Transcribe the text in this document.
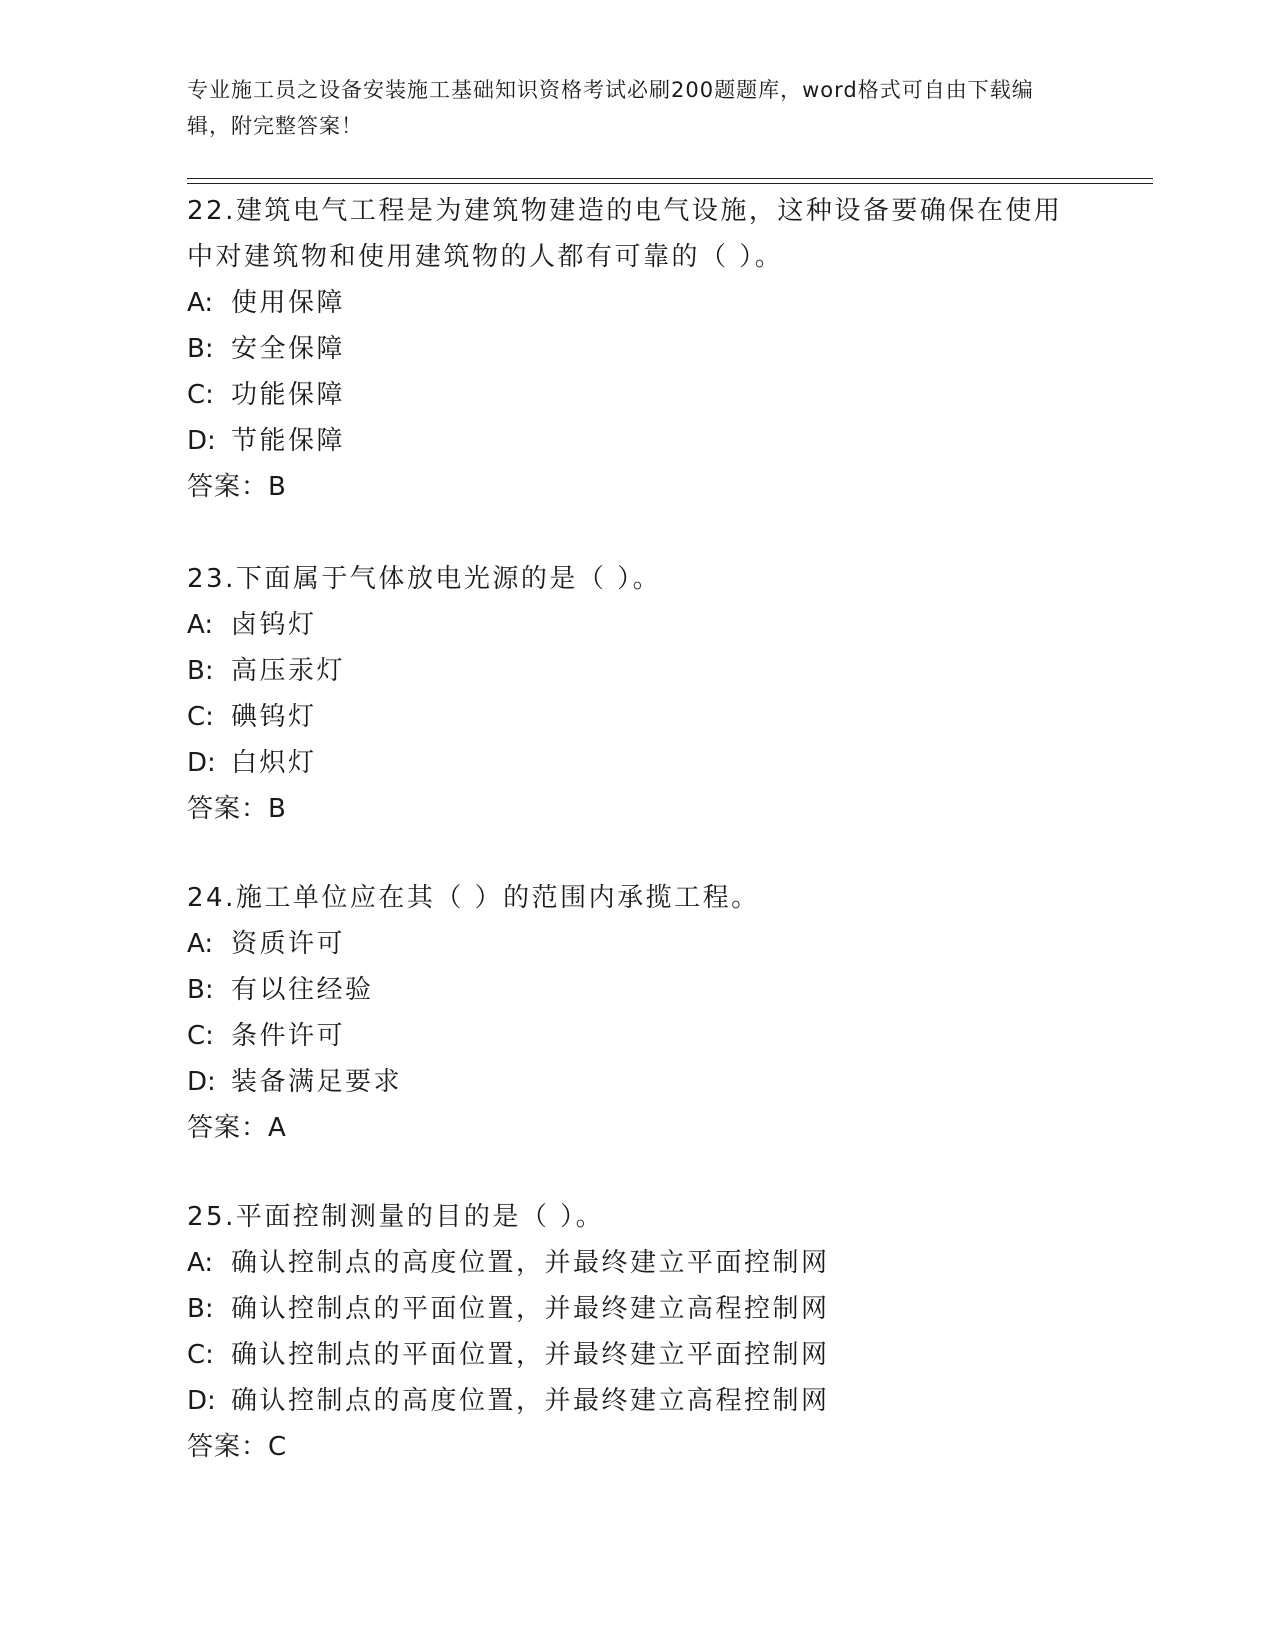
专业施工员之设备安装施工基础知识资格考试必刷200题题库，word格式可自由下载编辑，附完整答案！

22.建筑电气工程是为建筑物建造的电气设施，这种设备要确保在使用中对建筑物和使用建筑物的人都有可靠的（ ）。

A: 使用保障
B: 安全保障
C: 功能保障
D: 节能保障
答案：B

23.下面属于气体放电光源的是（ ）。

A: 卤钨灯
B: 高压汞灯
C: 碘钨灯
D: 白炽灯
答案：B

24.施工单位应在其（ ）的范围内承揽工程。

A: 资质许可
B: 有以往经验
C: 条件许可
D: 装备满足要求
答案：A

25.平面控制测量的目的是（ ）。

A: 确认控制点的高度位置，并最终建立平面控制网
B: 确认控制点的平面位置，并最终建立高程控制网
C: 确认控制点的平面位置，并最终建立平面控制网
D: 确认控制点的高度位置，并最终建立高程控制网
答案：C
